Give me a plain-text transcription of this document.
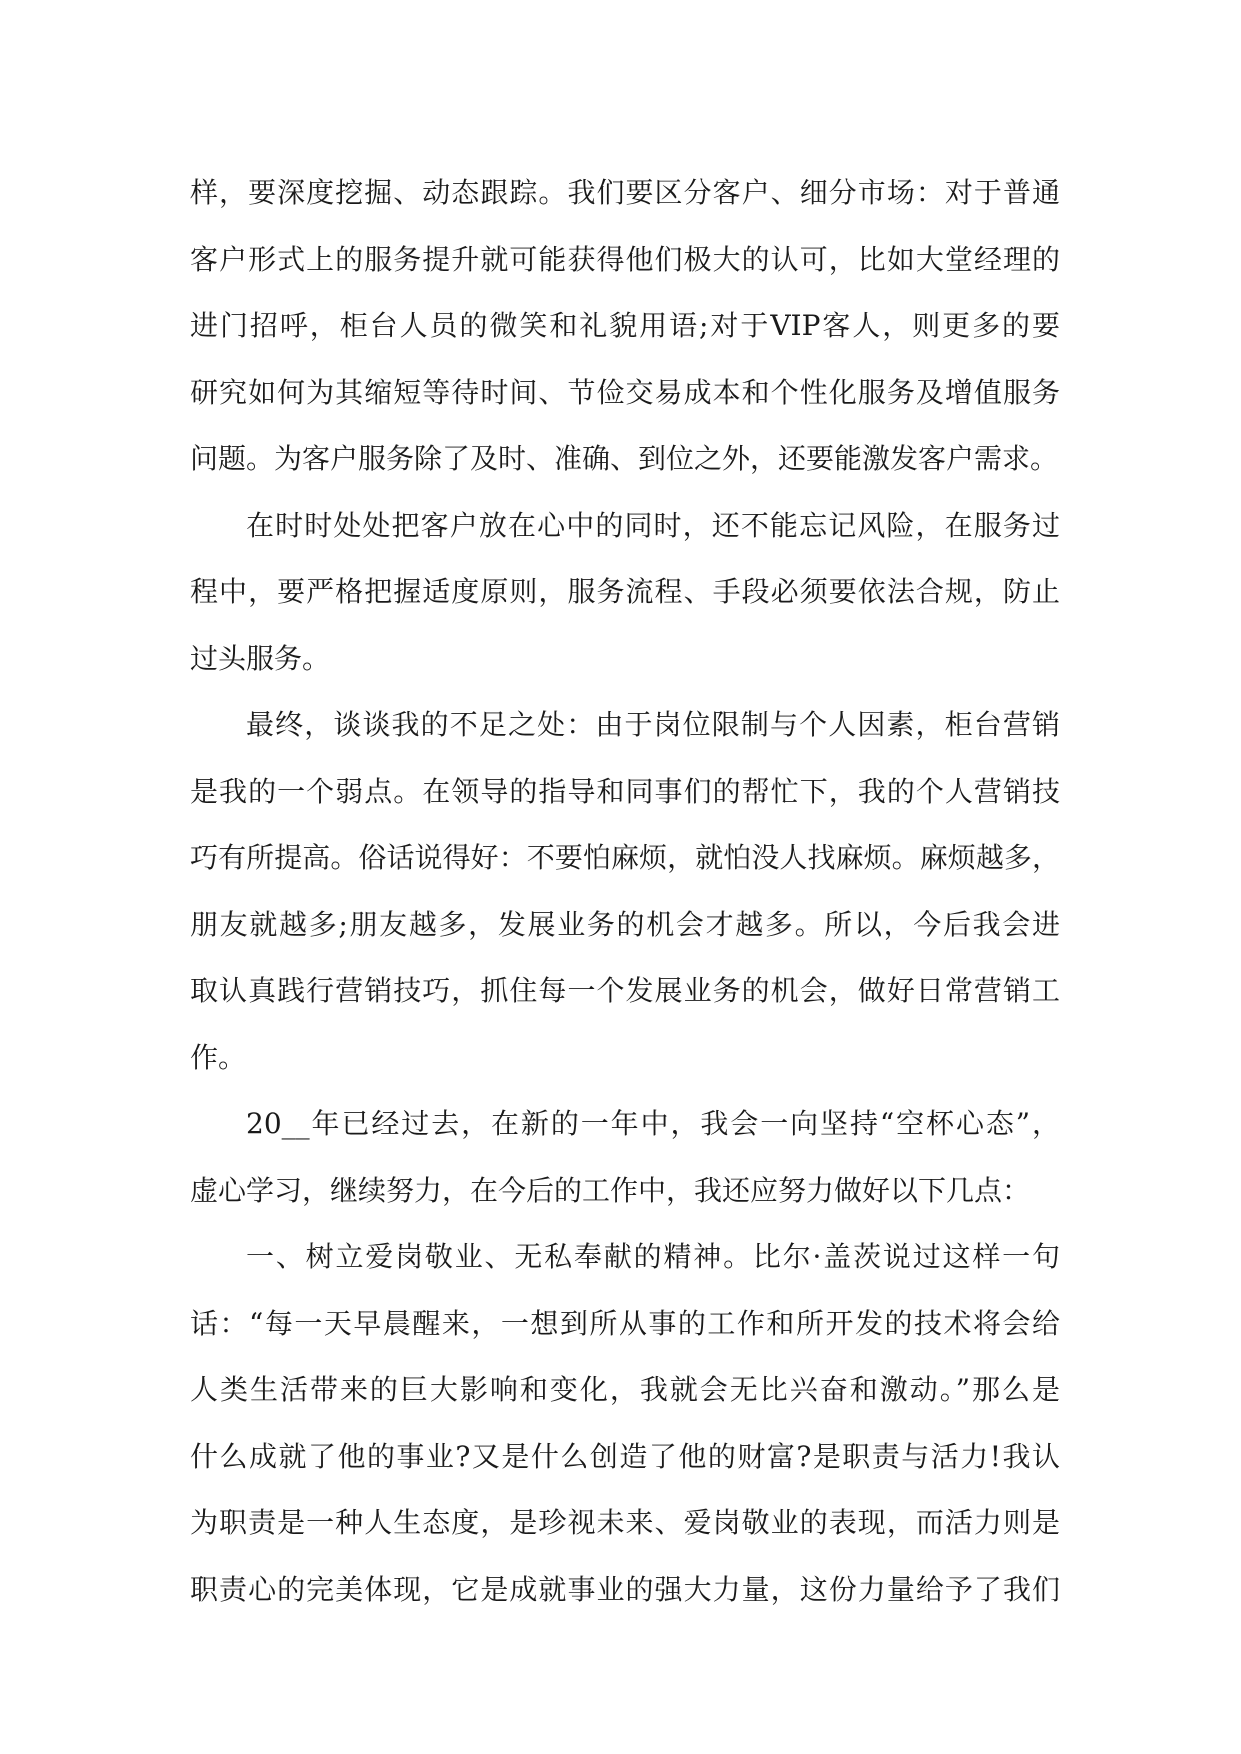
样，要深度挖掘、动态跟踪。我们要区分客户、细分市场：对于普通
客户形式上的服务提升就可能获得他们极大的认可，比如大堂经理的
进门招呼，柜台人员的微笑和礼貌用语;对于VIP客人，则更多的要
研究如何为其缩短等待时间、节俭交易成本和个性化服务及增值服务
问题。为客户服务除了及时、准确、到位之外，还要能激发客户需求。
在时时处处把客户放在心中的同时，还不能忘记风险，在服务过
程中，要严格把握适度原则，服务流程、手段必须要依法合规，防止
过头服务。
最终，谈谈我的不足之处：由于岗位限制与个人因素，柜台营销
是我的一个弱点。在领导的指导和同事们的帮忙下，我的个人营销技
巧有所提高。俗话说得好：不要怕麻烦，就怕没人找麻烦。麻烦越多，
朋友就越多;朋友越多，发展业务的机会才越多。所以，今后我会进
取认真践行营销技巧，抓住每一个发展业务的机会，做好日常营销工
作。
20__年已经过去，在新的一年中，我会一向坚持“空杯心态”，
虚心学习，继续努力，在今后的工作中，我还应努力做好以下几点：
一、树立爱岗敬业、无私奉献的精神。比尔·盖茨说过这样一句
话：“每一天早晨醒来，一想到所从事的工作和所开发的技术将会给
人类生活带来的巨大影响和变化，我就会无比兴奋和激动。”那么是
什么成就了他的事业?又是什么创造了他的财富?是职责与活力!我认
为职责是一种人生态度，是珍视未来、爱岗敬业的表现，而活力则是
职责心的完美体现，它是成就事业的强大力量，这份力量给予了我们
